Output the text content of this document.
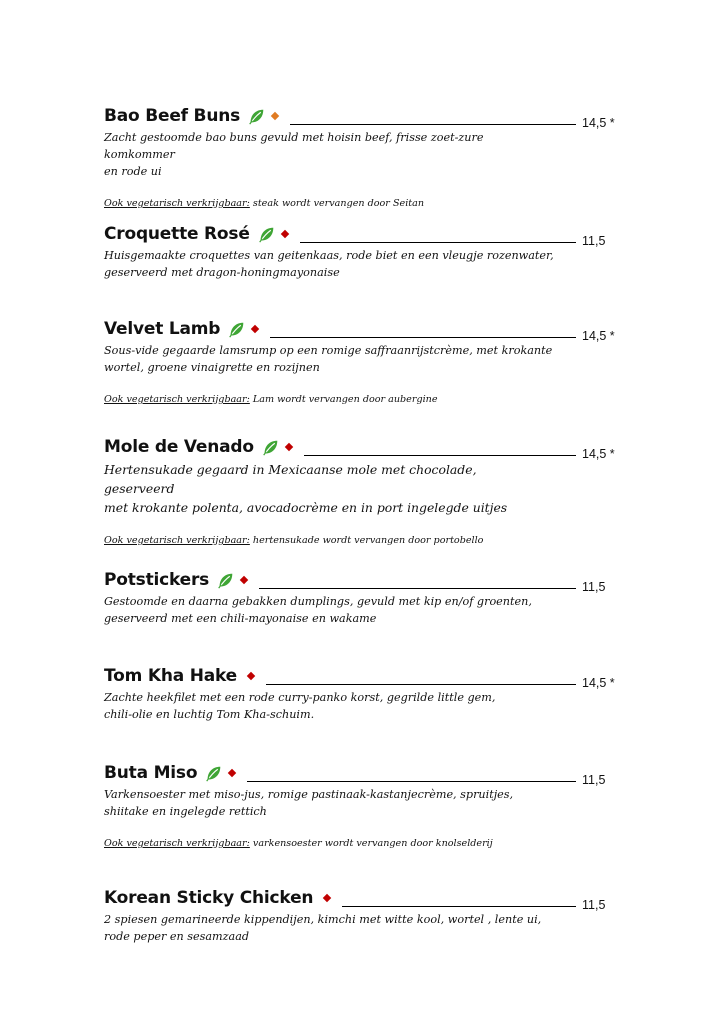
Bao Beef Buns	14,5 *
Zacht gestoomde bao buns gevuld met hoisin beef, frisse zoet-zure komkommer
en rode ui
Ook vegetarisch verkrijgbaar: steak wordt vervangen door Seitan
Croquette Rosé	11,5
Huisgemaakte croquettes van geitenkaas, rode biet en een vleugje rozenwater,
geserveerd met dragon-honingmayonaise
Velvet Lamb	14,5 *
Sous-vide gegaarde lamsrump op een romige saffraanrijstcrème, met krokante
wortel, groene vinaigrette en rozijnen
Ook vegetarisch verkrijgbaar: Lam wordt vervangen door aubergine
Mole de Venado	14,5 *
Hertensukade gegaard in Mexicaanse mole met chocolade, geserveerd
met krokante polenta, avocadocrème en in port ingelegde uitjes
Ook vegetarisch verkrijgbaar: hertensukade wordt vervangen door portobello
Potstickers	11,5
Gestoomde en daarna gebakken dumplings, gevuld met kip en/of groenten,
geserveerd met een chili-mayonaise en wakame
Tom Kha Hake	14,5 *
Zachte heekfilet met een rode curry-panko korst, gegrilde little gem,
chili-olie en luchtig Tom Kha-schuim.
Buta Miso	11,5
Varkensoester met miso-jus, romige pastinaak-kastanjecrème, spruitjes,
shiitake en ingelegde rettich
Ook vegetarisch verkrijgbaar: varkensoester wordt vervangen door knolselderij
Korean Sticky Chicken	11,5
2 spiesen gemarineerde kippendijen, kimchi met witte kool, wortel , lente ui,
rode peper en sesamzaad
